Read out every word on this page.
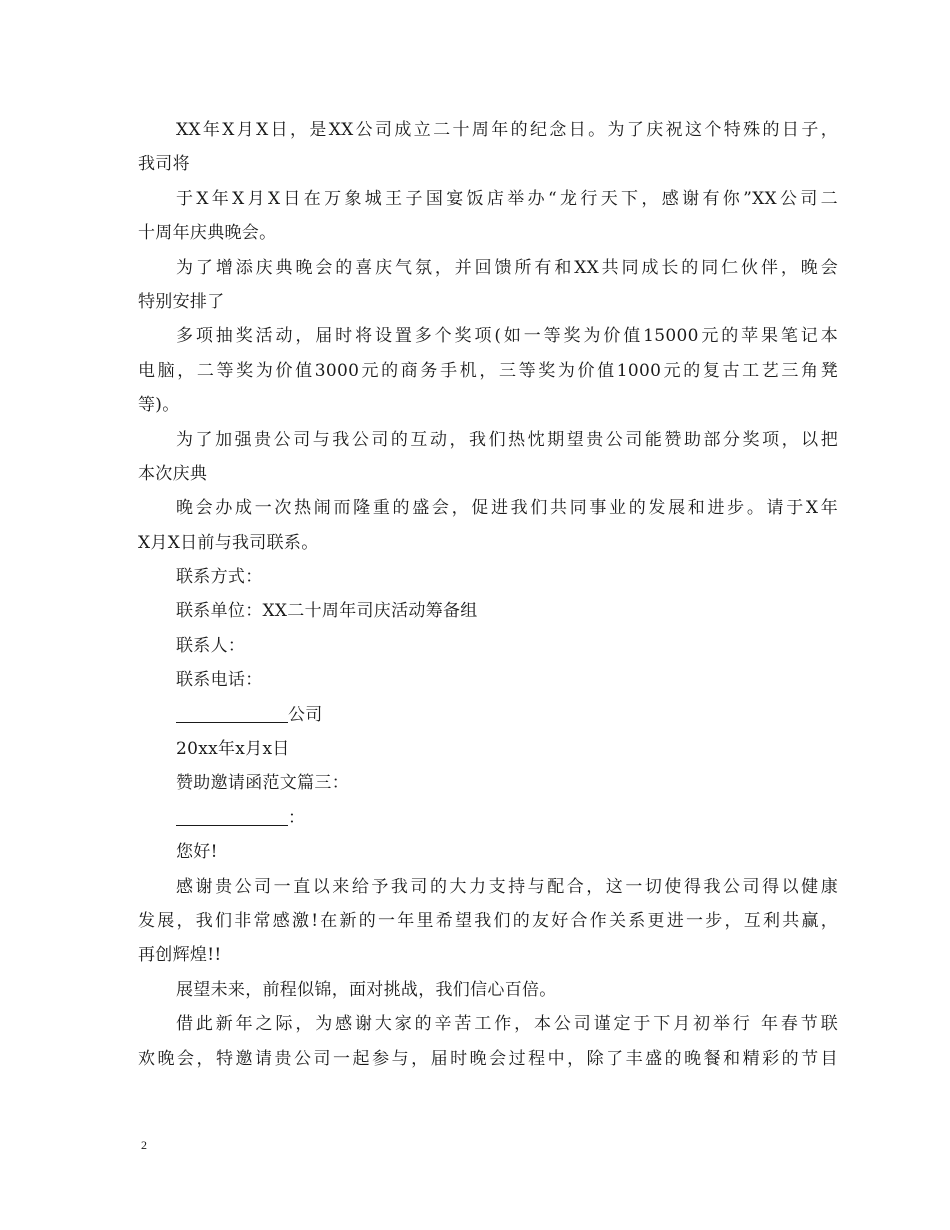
XX年X月X日，是XX公司成立二十周年的纪念日。为了庆祝这个特殊的日子，
我司将
于X年X月X日在万象城王子国宴饭店举办“龙行天下，感谢有你”XX公司二
十周年庆典晚会。
为了增添庆典晚会的喜庆气氛，并回馈所有和XX共同成长的同仁伙伴，晚会
特别安排了
多项抽奖活动，届时将设置多个奖项(如一等奖为价值15000元的苹果笔记本
电脑，二等奖为价值3000元的商务手机，三等奖为价值1000元的复古工艺三角凳
等)。
为了加强贵公司与我公司的互动，我们热忱期望贵公司能赞助部分奖项，以把
本次庆典
晚会办成一次热闹而隆重的盛会，促进我们共同事业的发展和进步。请于X年
X月X日前与我司联系。
联系方式：
联系单位：XX二十周年司庆活动筹备组
联系人：
联系电话：
公司
20xx年x月x日
赞助邀请函范文篇三：
：
您好!
感谢贵公司一直以来给予我司的大力支持与配合，这一切使得我公司得以健康
发展，我们非常感激!在新的一年里希望我们的友好合作关系更进一步，互利共赢，
再创辉煌!!
展望未来，前程似锦，面对挑战，我们信心百倍。
借此新年之际，为感谢大家的辛苦工作，本公司谨定于下月初举行 年春节联
欢晚会，特邀请贵公司一起参与，届时晚会过程中，除了丰盛的晚餐和精彩的节目
2
